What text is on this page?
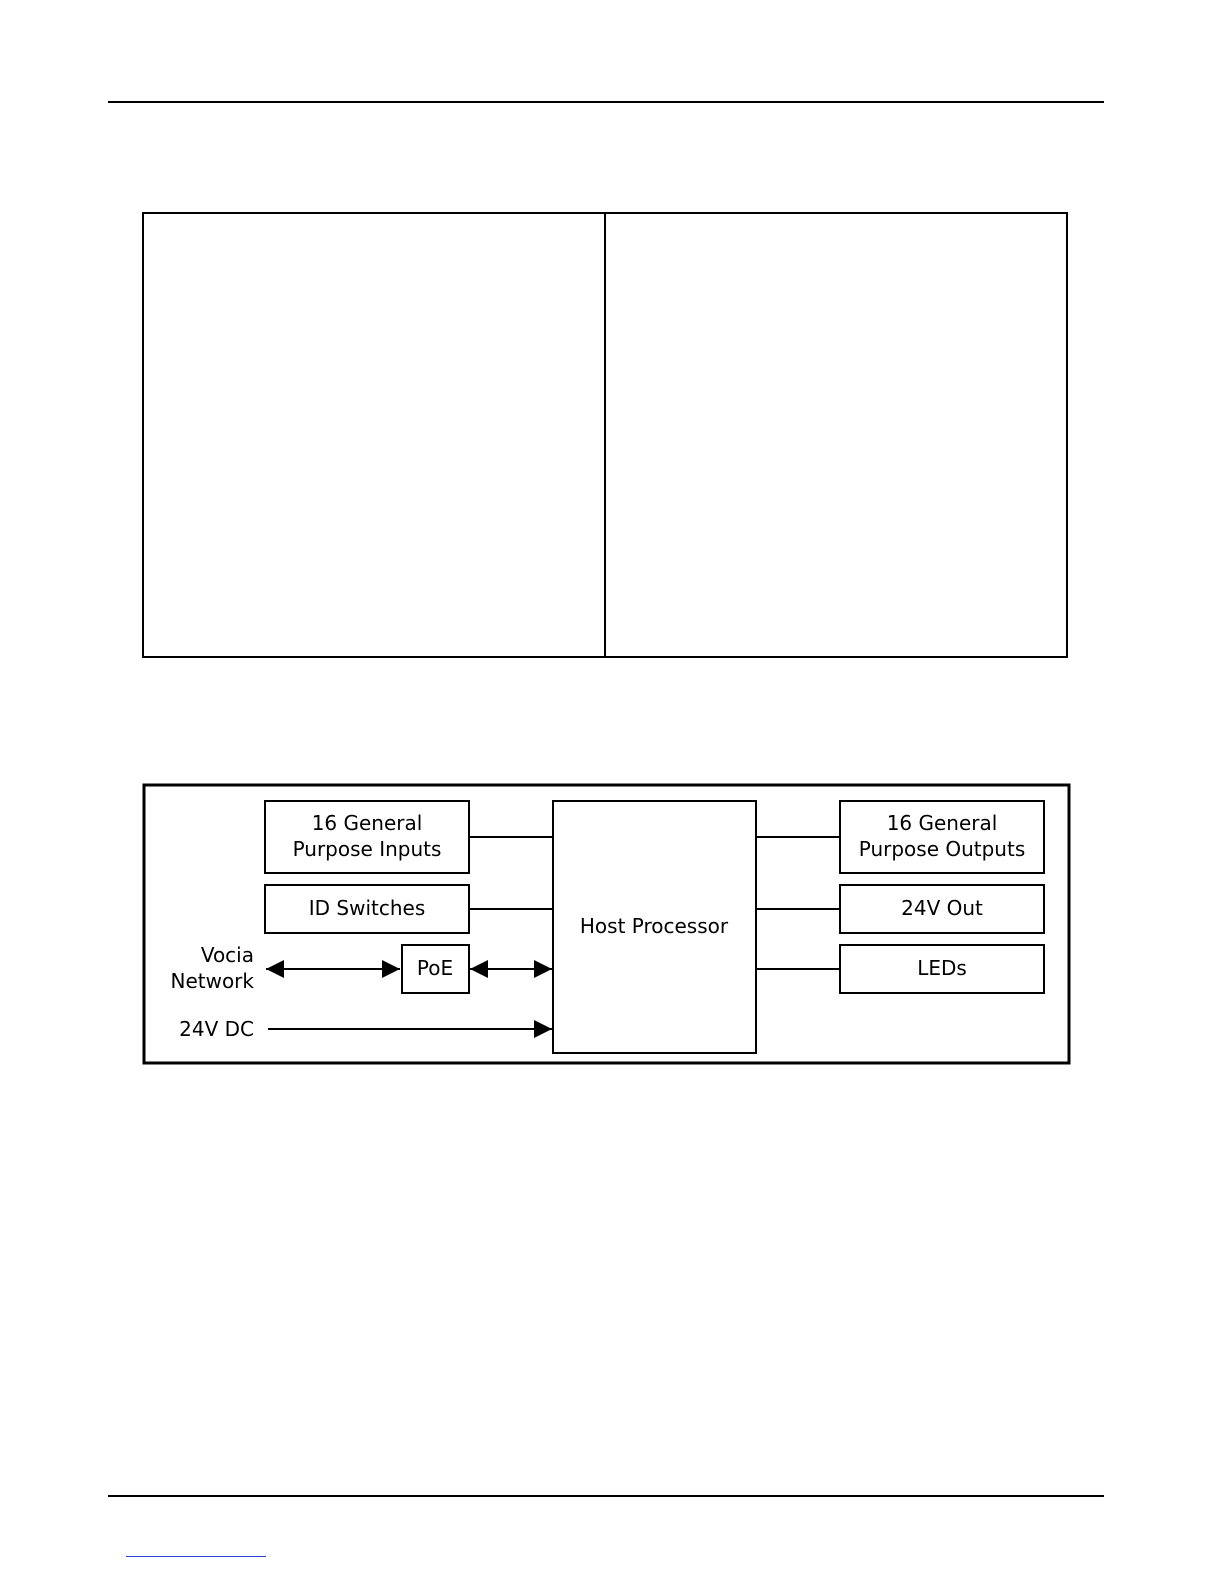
16 General
Purpose Inputs
ID Switches
PoE
Host Processor
16 General
Purpose Outputs
24V Out
LEDs
Vocia
Network
24V DC
